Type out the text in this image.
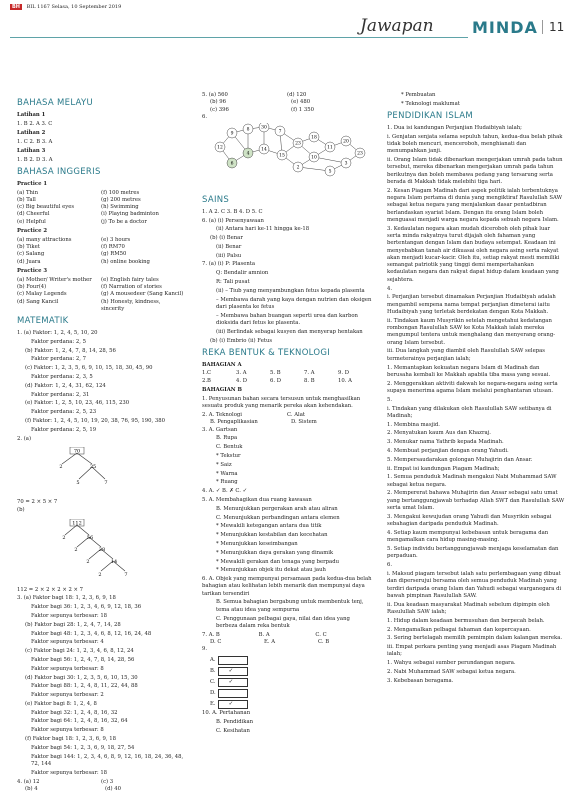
BH BIL 1167 Selasa, 10 September 2019
Jawapan MINDA 11
BAHASA MELAYU

Latihan 1

1. B 2. A 3. C

Latihan 2

1. C 2. B 3. A

Latihan 3

1. B 2. D 3. A

BAHASA INGGERIS

Practice 1

(a) Thin	(f) 100 metres
(b) Tall	(g) 200 metres
(c) Big beautiful eyes	(h) Swimming
(d) Cheerful	(i) Playing badminton
(e) Helpful	(j) To be a doctor

Practice 2

(a) many attractions	(e) 3 hours
(b) Tiket	(f) RM70
(c) Salang	(g) RM50
(d) Juara	(h) online booking

Practice 3

(a) Mother/ Writer's mother	(e) English fairy tales
(b) Four(4)	(f) Narration of stories
(c) Malay Legends	(g) A mousedeer (Sang Kancil)
(d) Sang Kancil	(h) Honesty, kindness, sincerity
MATEMATIK

1. (a) Faktor: 1, 2, 4, 5, 10, 20

Faktor perdana: 2, 5

(b) Faktor: 1, 2, 4, 7, 8, 14, 28, 56

Faktor perdana: 2, 7

(c) Faktor: 1, 2, 3, 5, 6, 9, 10, 15, 18, 30, 45, 90

Faktor perdana: 2, 3, 5

(d) Faktor: 1, 2, 4, 31, 62, 124

Faktor perdana: 2, 31

(e) Faktor: 1, 2, 5, 10, 23, 46, 115, 230

Faktor perdana: 2, 5, 23

(f) Faktor: 1, 2, 4, 5, 10, 19, 20, 38, 76, 95, 190, 380

Faktor perdana: 2, 5, 19

2. (a)

70
2	35
5	7

70 = 2 × 5 × 7

(b)

112
2	56
2	28
2	14
2	7

112 = 2 × 2 × 2 × 2 × 7

3. (a) Faktor bagi 18: 1, 2, 3, 6, 9, 18

Faktor bagi 36: 1, 2, 3, 4, 6, 9, 12, 18, 36

Faktor sepunya terbesar: 18

(b) Faktor bagi 28: 1, 2, 4, 7, 14, 28

Faktor bagi 48: 1, 2, 3, 4, 6, 8, 12, 16, 24, 48

Faktor sepunya terbesar: 4

(c) Faktor bagi 24: 1, 2, 3, 4, 6, 8, 12, 24

Faktor bagi 56: 1, 2, 4, 7, 8, 14, 28, 56

Faktor sepunya terbesar: 8

(d) Faktor bagi 30: 1, 2, 3, 5, 6, 10, 15, 30

Faktor bagi 88: 1, 2, 4, 8, 11, 22, 44, 88

Faktor sepunya terbesar: 2

(e) Faktor bagi 8: 1, 2, 4, 8

Faktor bagi 32: 1, 2, 4, 8, 16, 32

Faktor bagi 64: 1, 2, 4, 8, 16, 32, 64

Faktor sepunya terbesar: 8

(f) Faktor bagi 18: 1, 2, 3, 6, 9, 18

Faktor bagi 54: 1, 2, 3, 6, 9, 18, 27, 54

Faktor bagi 144: 1, 2, 3, 4, 6, 8, 9, 12, 16, 18, 24, 36, 48, 72, 144

Faktor sepunya terbesar: 18

4. (a) 12	(c) 3
(b) 4	(d) 40
5. (a) 560	(d) 120
(b) 96	(e) 480
(c) 396	(f) 1 350

6.

12
9
8	30
7
6
4
14
15
23
18
2
10
11
20
5
3
23
SAINS

1. A 2. C 3. B 4. D 5. C

6. (a) (i) Persenyawaan

(ii) Antara hari ke-11 hingga ke-18

(b) (i) Benar

(ii) Benar

(iii) Palsu

7. (a) (i) P: Plasenta

Q: Bendalir amnion

R: Tali pusat

(ii) – Tiub yang menyambungkan fetus kepada plasenta

– Membawa darah yang kaya dengan nutrien dan oksigen dari plasenta ke fetus

– Membawa bahan buangan seperti urea dan karbon dioksida dari fetus ke plasenta.

(iii) Berlindak sebagai kusyen dan menyerap hentakan

(b) (i) Embrio (ii) Fetus

REKA BENTUK & TEKNOLOGI

BAHAGIAN A

1.C	3. A	5. B	7. A	9. D
2.B	4. D	6. D	8. B	10. A

BAHAGIAN B

1. Penyusunan bahan secara tersusun untuk menghasilkan sesuatu produk yang menarik pereka akan kehendakan.

2. A. Teknologi	C. Alat
B. Pengaplikasian	D. Sistem

3. A. Gartsan

B. Rupa

C. Bentuk

* Tekstur

* Saiz

* Warna

* Ruang

4. A. ✓ B. ✗ C. ✓

5. A. Membahagikan dua ruang kawasan

B. Menunjukkan pergerakan arah atau aliran

C. Menunjukkan perbandingan antara elemen

* Mewakili ketegangan antara dua titik

* Menunjukkan kestabilan dan kecehatan

* Menunjukkan keseimbangan

* Menunjukkan daya gerakan yang dinamik

* Mewakili gerakan dan tenaga yang berpadu

* Menunjukkan objek itu dekat atau jauh

6. A. Objek yang mempunyai persamaan pada kedua-dua belah bahagian atau kelihatan lebih menarik dan mempunyai daya tarikan tersendiri

B. Semua bahagian bergabung untuk membentuk tenj, tema atau idea yang sempurna

C. Penggunaan pelbagai gaya, nilai dan idea yang berbeza dalam reka bentuk

7. A. B	B. A	C. C
D. C	E. A	C. B

9.

A.
B.	✓
C.	✓
D.
E.	✓

10. A. Pertahanan

B. Pendidikan

C. Kesihatan

* Pembuatan

* Teknologi maklumat

PENDIDIKAN ISLAM

1. Dua isi kandungan Perjanjian Hudaibiyah ialah;

i. Genjatan senjata selama sepuluh tahun, kedua-dua belah pihak tidak boleh mencuri, menceroboh, menghianati dan menumpahkan janji.

ii. Orang Islam tidak dibenarkan mengerjakan umrah pada tahun tersebut, mereka dibenarkan mengerjakan umrah pada tahun berikutnya dan boleh membawa pedang yang tersarung serta berada di Makkah tidak melebihi tiga hari.

2. Kesan Piagam Madinah dari aspek politik ialah terbentuknya negara Islam pertama di dunia yang mengiktiraf Rasulullah SAW sebagai ketua negara yang menjalankan dasar pentadbiran berlandaskan syariat Islam. Dengan itu orang Islam boleh menguasai menjadi warga negara kepada sebuah negara Islam.

3. Kedaulatan negara akan mudah diceroboh oleh pihak luar serta minda rakyatnya turut dijajah oleh fahaman yang bertentangan dengan Islam dan budaya setempat. Keadaan ini menyebabkan tanah air dikuasai oleh negara asing serta rakyat akan menjadi kucar-kacir. Oleh itu, setiap rakyat mesti memiliki semangat patriotik yang tinggi demi mempertahankan kedaulatan negara dan rakyat dapat hidup dalam keadaan yang sejahtera.

4.

i. Perjanjian tersebut dinamakan Perjanjian Hudaibiyah adalah mengambil sempena nama tempat perjanjian dimeterai iaitu Hudaibiyah yang terletak berdekatan dengan Kota Makkah.

ii. Tindakan kaum Musyrikin setelah mengetahui kedatangan rombongan Rasulullah SAW ke Kota Makkah ialah mereka mengumpul tentera untuk menghalang dan menyerang orang-orang Islam tersebut.

iii. Dua langkah yang diambil oleh Rasulullah SAW selepas termeterainya perjanjian ialah;

1. Memantapkan kekuatan negara Islam di Madinah dan berusaha kembali ke Makkah apabila tiba masa yang sesuai.

2. Menggerakkan aktiviti dakwah ke negara-negara asing serta supaya menerima agama Islam melalui penghantaran utusan.

5.

i. Tindakan yang dilakukan oleh Rasulullah SAW setibanya di Madinah;

1. Membina masjid.

2. Menyatukan kaum Aus dan Khazraj.

3. Menukar nama Yathrib kepada Madinah.

4. Membuat perjanjian dengan orang Yahudi.

5. Mempersaudarakan golongan Muhajirin dan Ansar.

ii. Empat isi kandungan Piagam Madinah;

1. Semua penduduk Madinah mengakui Nabi Muhammad SAW sebagai ketua negara.

2. Mempererat bahawa Muhajirin dan Ansar sebagai satu umat yang bertanggungjawab terhadap Allah SWT dan Rasulullah SAW serta umat Islam.

3. Mengakui kewujudan orang Yahudi dan Musyrikin sebagai sebahagian daripada penduduk Madinah.

4. Setiap kaum mempunyai kebebasan untuk beragama dan mengamalkan cara hidup masing-masing.

5. Setiap individu bertanggungjawab menjaga keselamatan dan perpaduan.

6.

i. Maksud piagam tersebut ialah satu perlembagaan yang dibuat dan diperserujui bersama oleh semua penduduk Madinah yang terdiri daripada orang Islam dan Yahudi sebagai warganegara di bawah pimpinan Rasulullah SAW.

ii. Dua keadaan masyarakat Madinah sebelum dipimpin oleh Rasulullah SAW ialah;

1. Hidup dalam keadaan bermusuhan dan berpecah belah.

2. Mengamalkan pelbagai fahaman dan kepercayaan.

3. Sering bertelagah memilih pemimpin dalam kalangan mereka.

iii. Empat perkara penting yang menjadi asas Piagam Madinah ialah;

1. Wahyu sebagai sumber perundangan negara.

2. Nabi Muhammad SAW sebagai ketua negara.

3. Kebebasan beragama.
